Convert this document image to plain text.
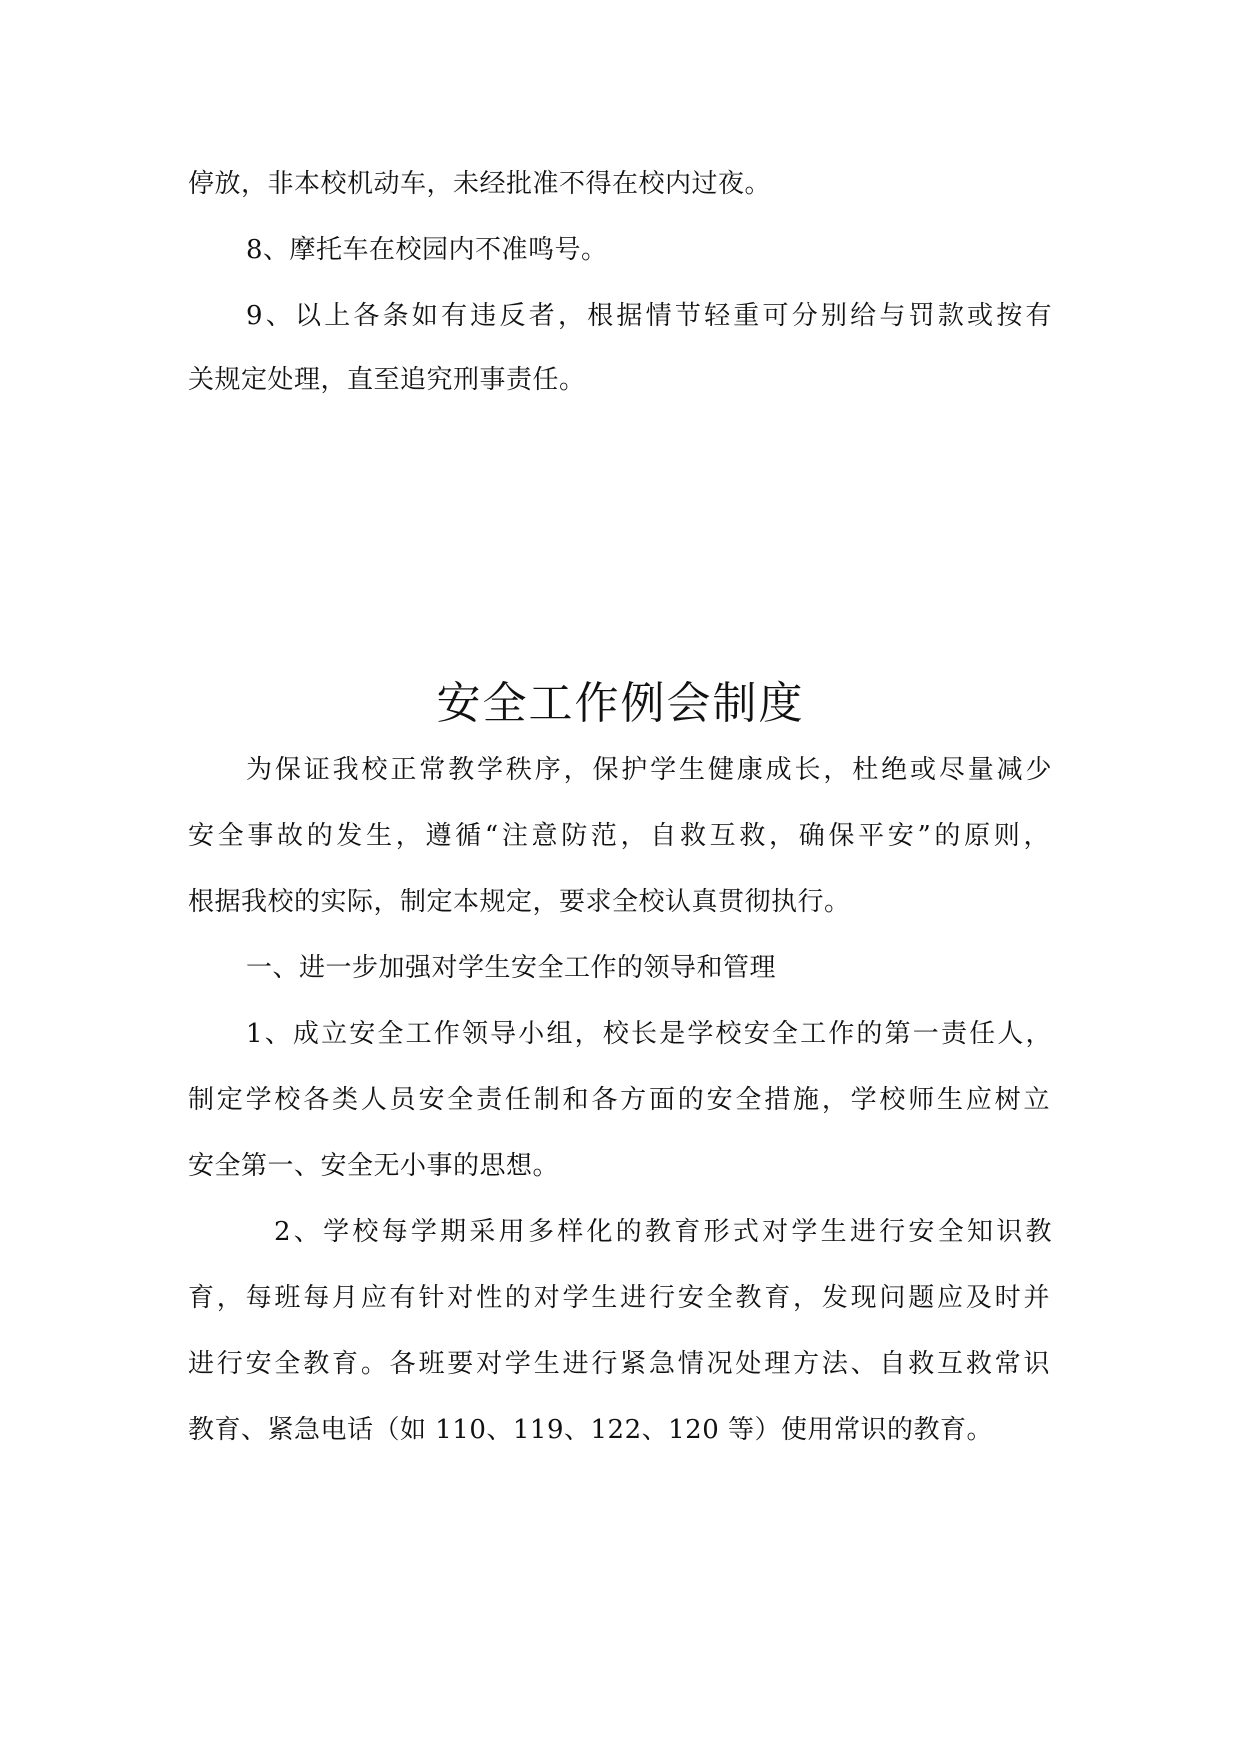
停放，非本校机动车，未经批准不得在校内过夜。
8、摩托车在校园内不准鸣号。
9、以上各条如有违反者，根据情节轻重可分别给与罚款或按有
关规定处理，直至追究刑事责任。
安全工作例会制度
为保证我校正常教学秩序，保护学生健康成长，杜绝或尽量减少
安全事故的发生，遵循“注意防范，自救互救，确保平安”的原则，
根据我校的实际，制定本规定，要求全校认真贯彻执行。
一、进一步加强对学生安全工作的领导和管理
1、成立安全工作领导小组，校长是学校安全工作的第一责任人，
制定学校各类人员安全责任制和各方面的安全措施，学校师生应树立
安全第一、安全无小事的思想。
2、学校每学期采用多样化的教育形式对学生进行安全知识教
育，每班每月应有针对性的对学生进行安全教育，发现问题应及时并
进行安全教育。各班要对学生进行紧急情况处理方法、自救互救常识
教育、紧急电话（如 110、119、122、120 等）使用常识的教育。
